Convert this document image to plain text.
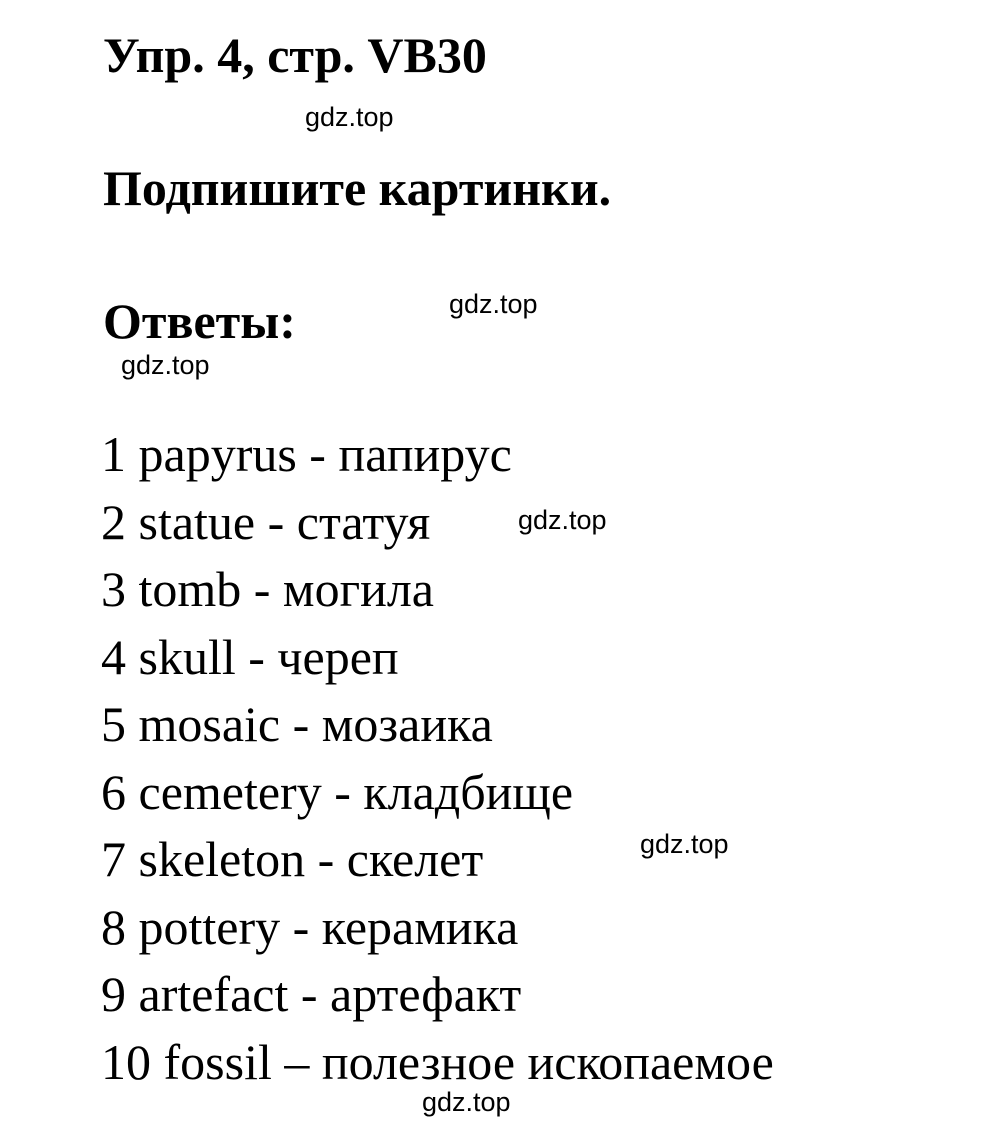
Упр. 4, стр. VB30
Подпишите картинки.
Ответы:
1 papyrus - папирус
2 statue - статуя
3 tomb - могила
4 skull - череп
5 mosaic - мозаика
6 cemetery - кладбище
7 skeleton - скелет
8 pottery - керамика
9 artefact - артефакт
10 fossil – полезное ископаемое
gdz.top
gdz.top
gdz.top
gdz.top
gdz.top
gdz.top
